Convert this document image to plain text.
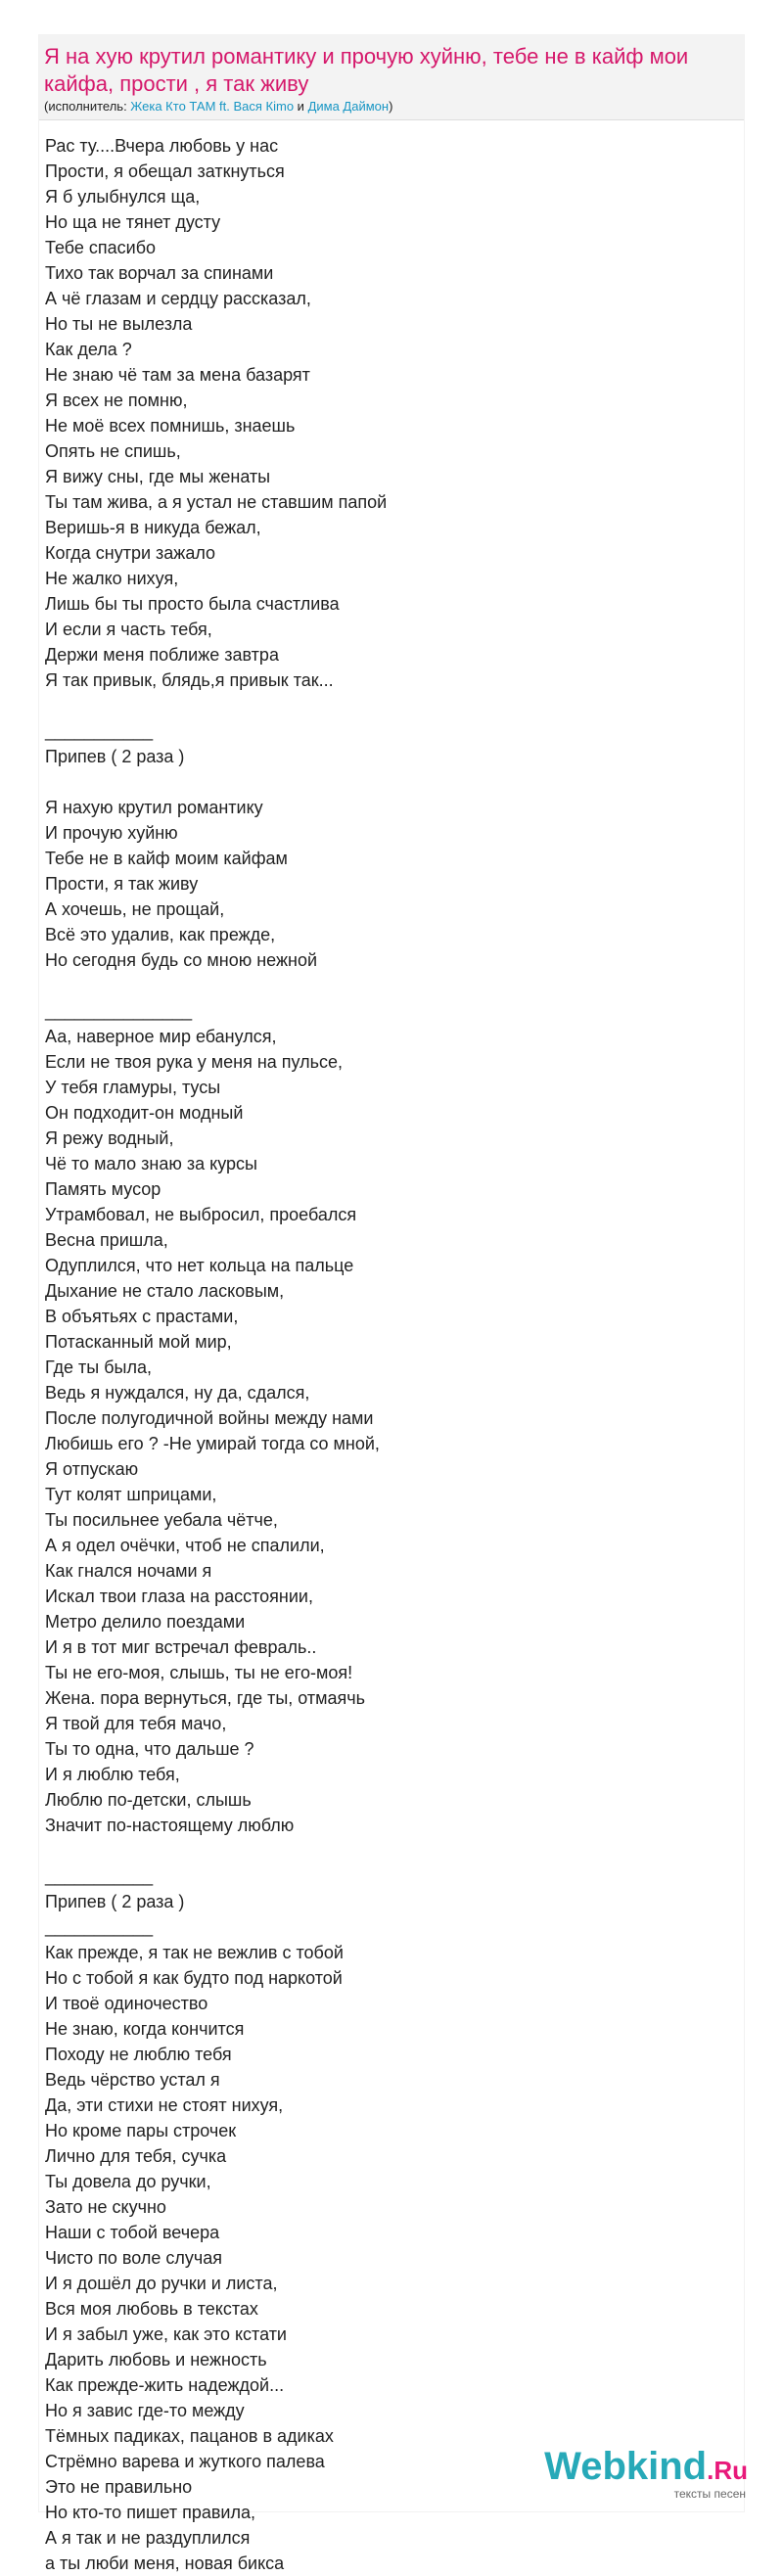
Я на хую крутил романтику и прочую хуйню, тебе не в кайф мои кайфа, прости , я так живу
(исполнитель: Жека Кто ТАМ ft. Вася Кimo и Дима Даймон)
Рас ту....Вчера любовь у нас
Прости, я обещал заткнуться
Я б улыбнулся ща,
Но ща не тянет дусту
Тебе спасибо
Тихо так ворчал за спинами
А чё глазам и сердцу рассказал,
Но ты не вылезла
Как дела ?
Не знаю чё там за мена базарят
Я всех не помню,
Не моё всех помнишь, знаешь
Опять не спишь,
Я вижу сны, где мы женаты
Ты там жива, а я устал не ставшим папой
Веришь-я в никуда бежал,
Когда снутри зажало
Не жалко нихуя,
Лишь бы ты просто была счастлива
И если я часть тебя,
Держи меня поближе завтра
Я так привык, блядь,я привык так...
___________
Припев ( 2 раза )
Я нахую крутил романтику
И прочую хуйню
Тебе не в кайф моим кайфам
Прости, я так живу
А хочешь, не прощай,
Всё это удалив, как прежде,
Но сегодня будь со мною нежной
_______________
Аа, наверное мир ебанулся,
Если не твоя рука у меня на пульсе,
У тебя гламуры, тусы
Он подходит-он модный
Я режу водный,
Чё то мало знаю за курсы
Память мусор
Утрамбовал, не выбросил, проебался
Весна пришла,
Одуплился, что нет кольца на пальце
Дыхание не стало ласковым,
В объятьях с прастами,
Потасканный мой мир,
Где ты была,
Ведь я нуждался, ну да, сдался,
После полугодичной войны между нами
Любишь его ? -Не умирай тогда со мной,
Я отпускаю
Тут колят шприцами,
Ты посильнее уебала чётче,
А я одел очёчки, чтоб не спалили,
Как гнался ночами я
Искал твои глаза на расстоянии,
Метро делило поездами
И я в тот миг встречал февраль..
Ты не его-моя, слышь, ты не его-моя!
Жена. пора вернуться, где ты, отмаячь
Я твой для тебя мачо,
Ты то одна, что дальше ?
И я люблю тебя,
Люблю по-детски, слышь
Значит по-настоящему люблю
___________
Припев ( 2 раза )
___________
Как прежде, я так не вежлив с тобой
Но с тобой я как будто под наркотой
И твоё одиночество
Не знаю, когда кончится
Походу не люблю тебя
Ведь чёрство устал я
Да, эти стихи не стоят нихуя,
Но кроме пары строчек
Лично для тебя, сучка
Ты довела до ручки,
Зато не скучно
Наши с тобой вечера
Чисто по воле случая
И я дошёл до ручки и листа,
Вся моя любовь в текстах
И я забыл уже, как это кстати
Дарить любовь и нежность
Как прежде-жить надеждой...
Но я завис где-то между
Тёмных падиках, пацанов в адиках
Стрёмно варева и жуткого палева
Это не правильно
Но кто-то пишет правила,
А я так и не раздуплился
а ты люби меня, новая бикса
Webkind.Ru
тексты песен
